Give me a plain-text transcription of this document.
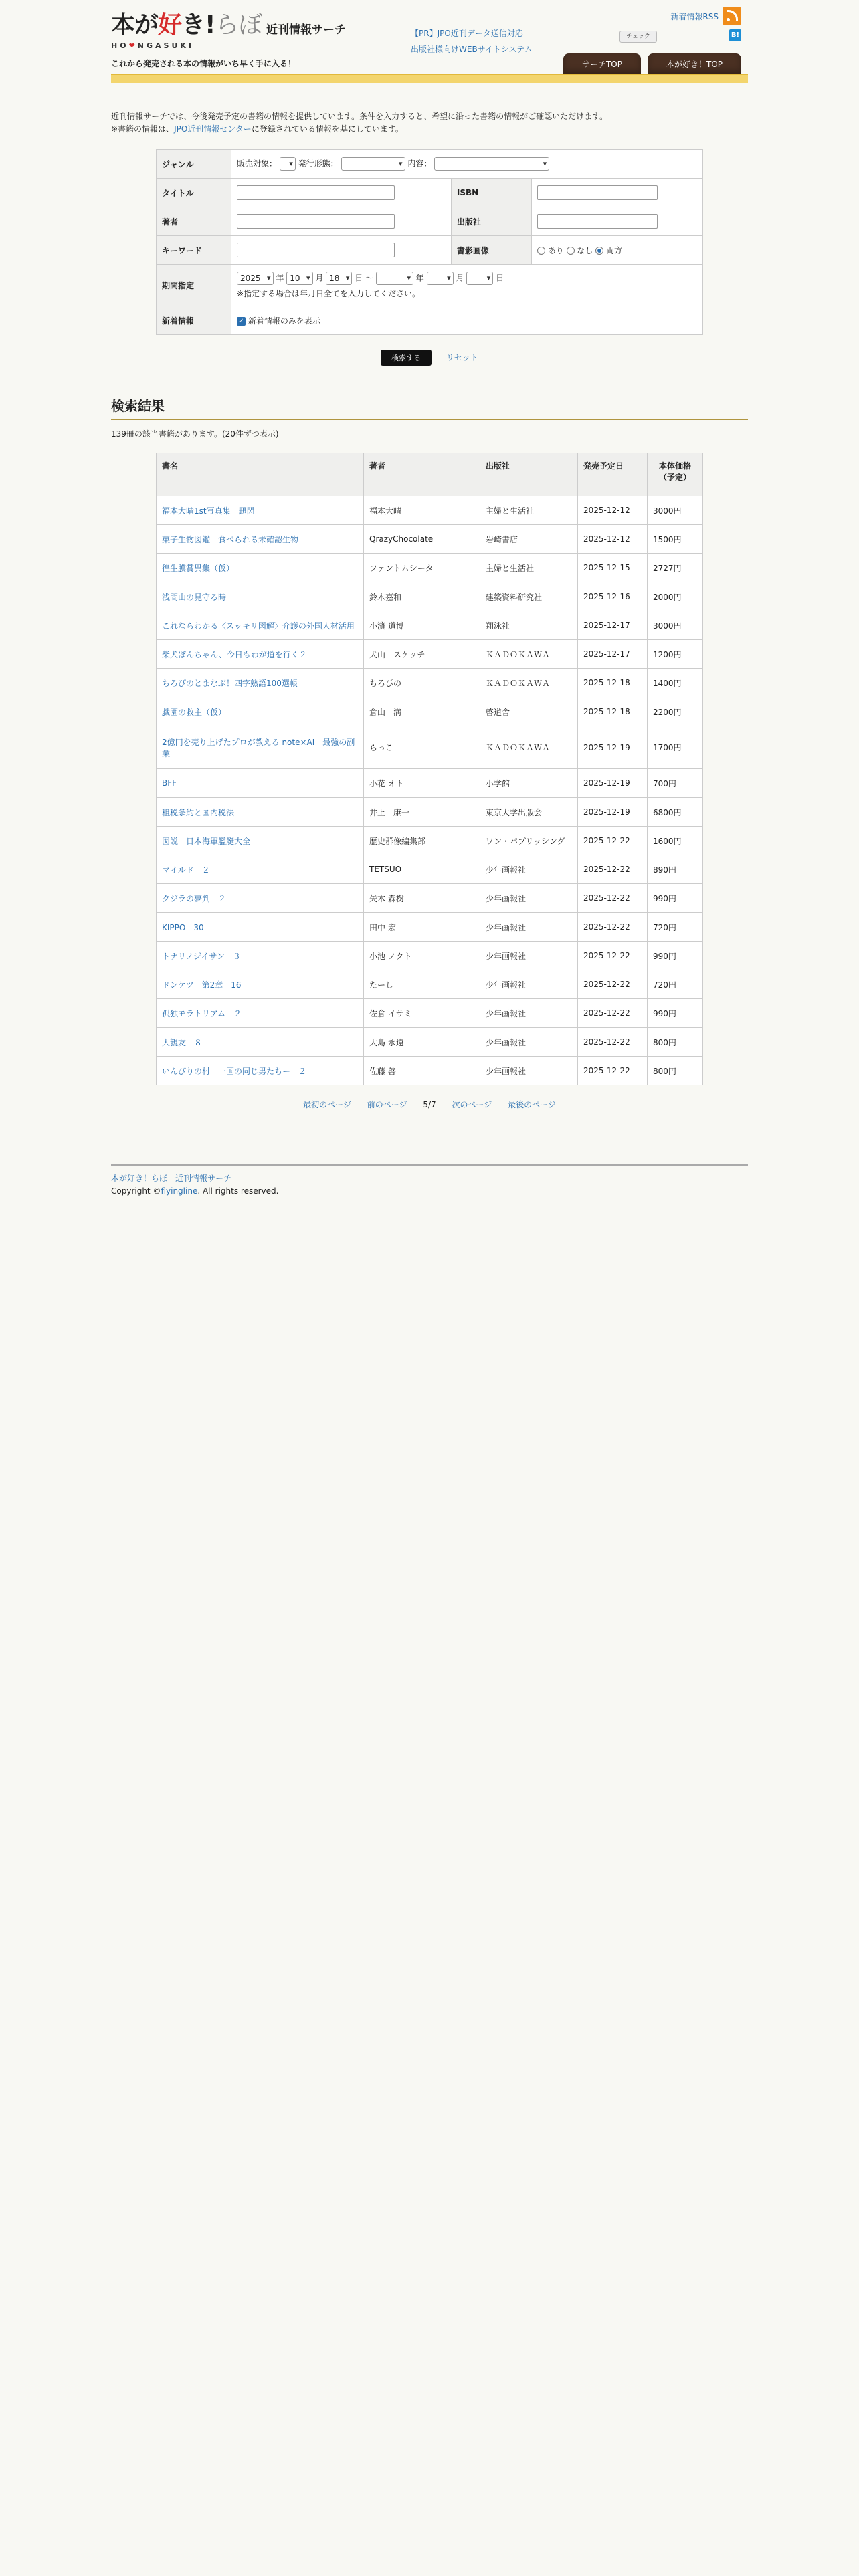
本が好き!らぼ
HO❤NGASUKI
近刊情報サーチ
これから発売される本の情報がいち早く手に入る！
【PR】JPO近刊データ送信対応
出版社様向けWEBサイトシステム
新着情報RSS
チェック	B!
サーチTOP	本が好き！TOP
近刊情報サーチでは、今後発売予定の書籍の情報を提供しています。条件を入力すると、希望に沿った書籍の情報がご確認いただけます。
※書籍の情報は、JPO近刊情報センターに登録されている情報を基にしています。
ジャンル	販売対象： ▾ 発行形態： ▾ 内容： ▾
タイトル		ISBN	
著者		出版社	
キーワード		書影画像	あり なし 両方
期間指定	2025 ▾ 年 10 ▾ 月 18 ▾ 日 〜 ▾ 年 ▾ 月 ▾ 日
※指定する場合は年月日全てを入力してください。

新着情報	✓ 新着情報のみを表示		
検索する	リセット
検索結果
139冊の該当書籍があります。(20件ずつ表示)
書名	著者	出版社	発売予定日	本体価格（予定）
福本大晴1st写真集　題閃	福本大晴	主婦と生活社	2025-12-12	3000円
菓子生物図鑑　食べられる未確認生物	QrazyChocolate	岩崎書店	2025-12-12	1500円
徨生膜賞異集（仮）	ファントムシータ	主婦と生活社	2025-12-15	2727円
浅間山の見守る時	鈴木嘉和	建築資料研究社	2025-12-16	2000円
これならわかる〈スッキリ図解〉介護の外国人材活用	小濱 道博	翔泳社	2025-12-17	3000円
柴犬ぽんちゃん、今日もわが道を行く２	犬山　スケッチ	ＫＡＤＯＫＡＷＡ	2025-12-17	1200円
ちろぴのとまなぶ！四字熟語100選帳	ちろぴの	ＫＡＤＯＫＡＷＡ	2025-12-18	1400円
戯園の救主（仮）	倉山　満	啓道舎	2025-12-18	2200円
2億円を売り上げたプロが教える note×AI　最強の副業	らっこ	ＫＡＤＯＫＡＷＡ	2025-12-19	1700円
BFF	小花 オト	小学館	2025-12-19	700円
租税条約と国内税法	井上　康一	東京大学出版会	2025-12-19	6800円
図説　日本海軍艦艇大全	歴史群像編集部	ワン・パブリッシング	2025-12-22	1600円
マイルド　２	TETSUO	少年画報社	2025-12-22	890円
クジラの夢判　２	矢木 森樹	少年画報社	2025-12-22	990円
KIPPO　30	田中 宏	少年画報社	2025-12-22	720円
トナリノジイサン　３	小池 ノクト	少年画報社	2025-12-22	990円
ドンケツ　第2章　16	たーし	少年画報社	2025-12-22	720円
孤独モラトリアム　２	佐倉 イサミ	少年画報社	2025-12-22	990円
大親友　８	大島 永遠	少年画報社	2025-12-22	800円
いんびりの村　一国の同じ男たちー　２	佐藤 啓	少年画報社	2025-12-22	800円
最初のページ 前のページ 5/7 次のページ 最後のページ
本が好き！らぼ　近刊情報サーチ
Copyright ©flyingline. All rights reserved.
